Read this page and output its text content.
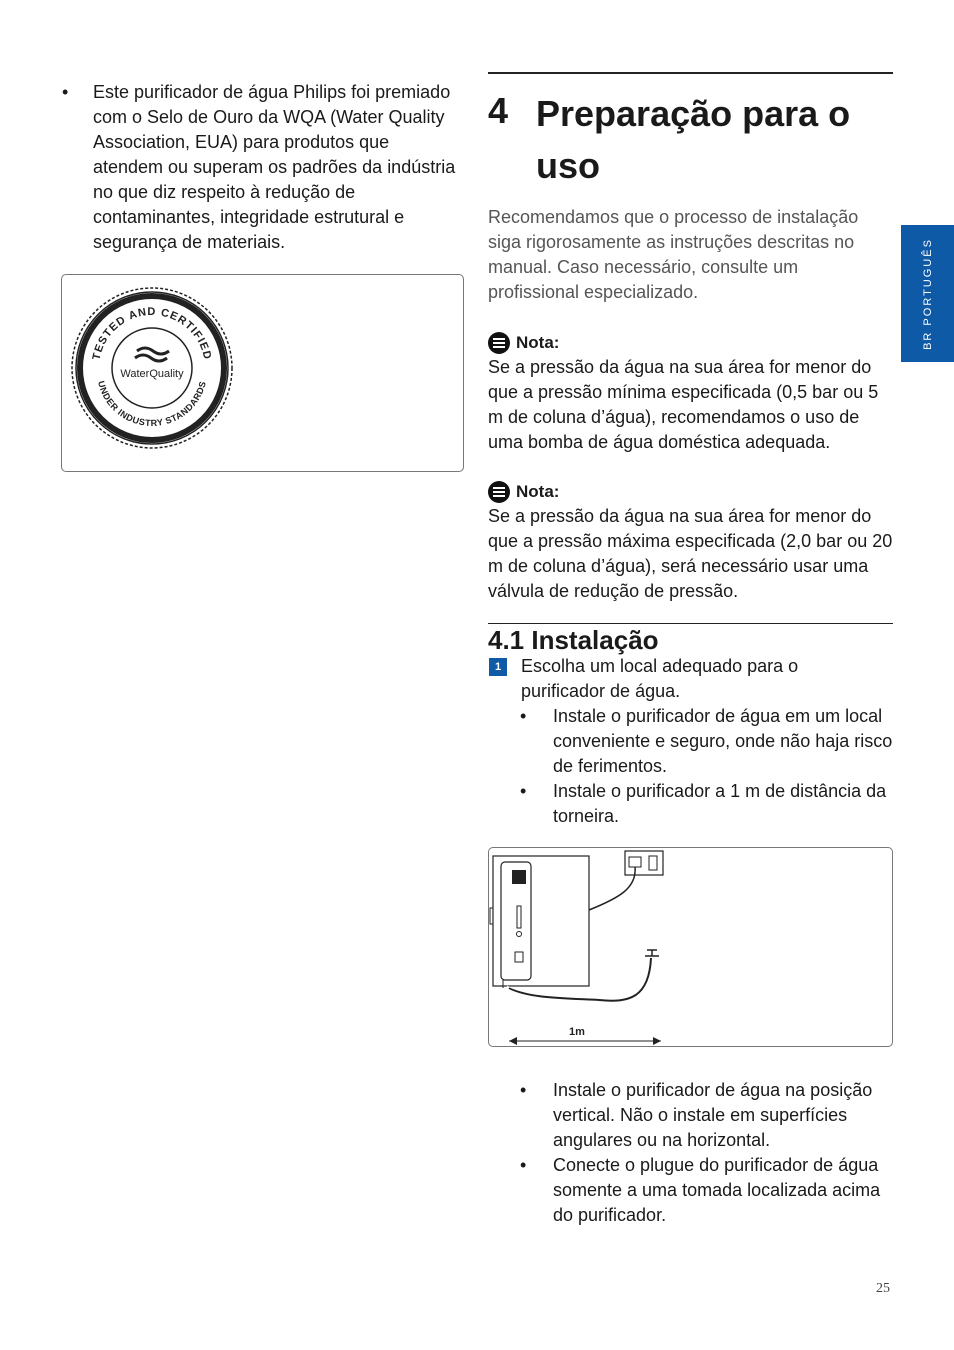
• Este purificador de água Philips foi premiado com o Selo de Ouro da WQA (Water Quality Association, EUA) para produtos que atendem ou superam os padrões da indústria no que diz respeito à redução de contaminantes, integridade estrutural e segurança de materiais.
TESTED AND CERTIFIED
UNDER INDUSTRY STANDARDS
WaterQuality
4 Preparação para o uso
Recomendamos que o processo de instalação siga rigorosamente as instruções descritas no manual. Caso necessário, consulte um profissional especializado.
Nota:
Se a pressão da água na sua área for menor do que a pressão mínima especificada (0,5 bar ou 5 m de coluna d’água), recomendamos o uso de uma bomba de água doméstica adequada.
Nota:
Se a pressão da água na sua área for menor do que a pressão máxima especificada (2,0 bar ou 20 m de coluna d’água), será necessário usar uma válvula de redução de pressão.
4.1 Instalação
1	Escolha um local adequado para o purificador de água.
• Instale o purificador de água em um local conveniente e seguro, onde não haja risco de ferimentos.
• Instale o purificador a 1 m de distância da torneira.
1m
• Instale o purificador de água na posição vertical. Não o instale em superfícies angulares ou na horizontal.
• Conecte o plugue do purificador de água somente a uma tomada localizada acima do purificador.
BR PORTUGUÊS
25
